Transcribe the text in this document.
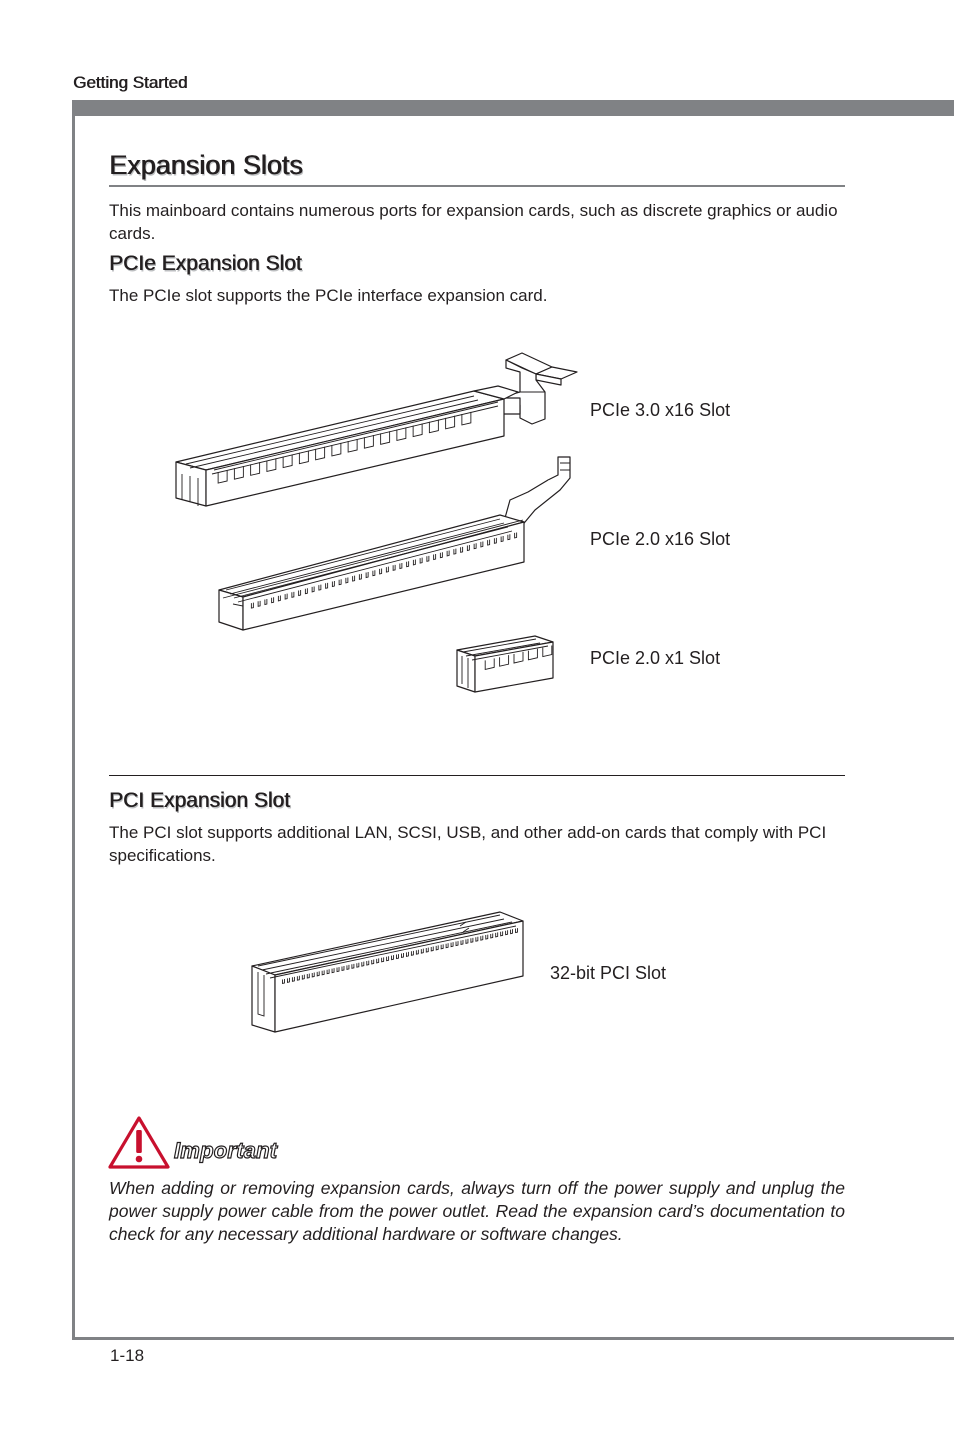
Getting Started
Expansion Slots
This mainboard contains numerous ports for expansion cards, such as discrete graphics or audio cards.
PCIe Expansion Slot
The PCIe slot supports the PCIe interface expansion card.
PCIe 3.0 x16 Slot
PCIe 2.0 x16 Slot
PCIe 2.0 x1 Slot
PCI Expansion Slot
The PCI slot supports additional LAN, SCSI, USB, and other add-on cards that comply with PCI specifications.
32-bit PCI Slot
Important
When adding or removing expansion cards, always turn off the power supply and unplug the power supply power cable from the power outlet. Read the expansion card’s documentation to check for any necessary additional hardware or software changes.
1-18
